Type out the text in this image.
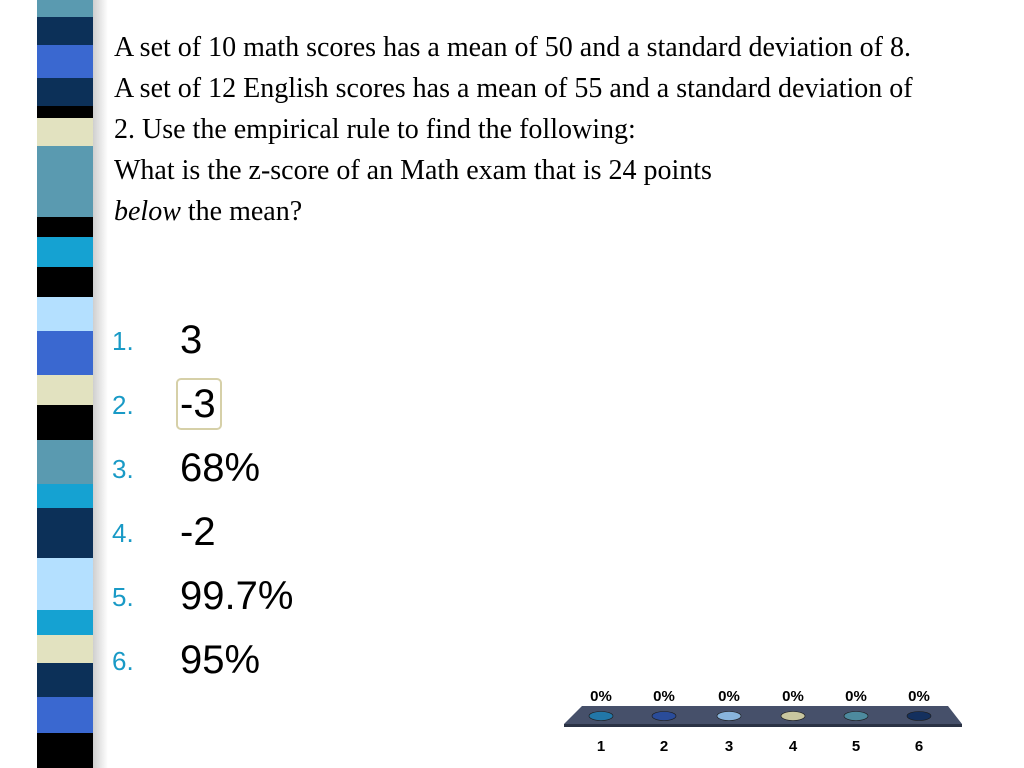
A set of 10 math scores has a mean of 50 and a standard deviation of 8. A set of 12 English scores has a mean of 55 and a standard deviation of 2. Use the empirical rule to find the following:

What is the z-score of an Math exam that is 24 points
below the mean?

1. 3
2. -3
3. 68%
4. -2
5. 99.7%
6. 95%
0%
1
0%
2
0%
3
0%
4
0%
5
0%
6
